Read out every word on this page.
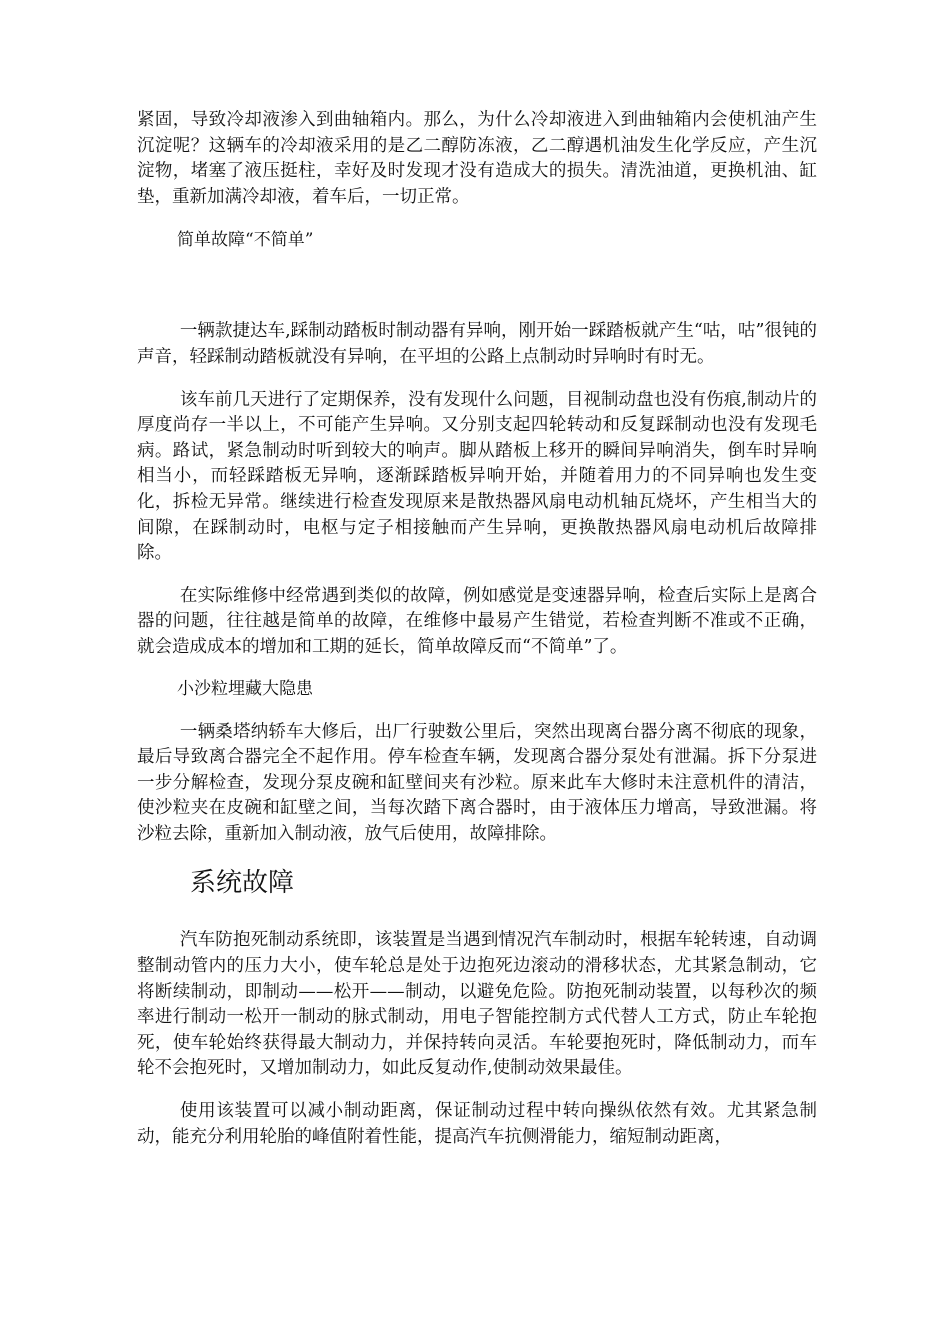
紧固，导致冷却液渗入到曲轴箱内。那么，为什么冷却液进入到曲轴箱内会使机油产生沉淀呢？这辆车的冷却液采用的是乙二醇防冻液，乙二醇遇机油发生化学反应，产生沉淀物，堵塞了液压挺柱，幸好及时发现才没有造成大的损失。清洗油道，更换机油、缸垫，重新加满冷却液，着车后，一切正常。

简单故障“不简单”

一辆款捷达车,踩制动踏板时制动器有异响，刚开始一踩踏板就产生“咕，咕”很钝的声音，轻踩制动踏板就没有异响，在平坦的公路上点制动时异响时有时无。

该车前几天进行了定期保养，没有发现什么问题，目视制动盘也没有伤痕,制动片的厚度尚存一半以上，不可能产生异响。又分别支起四轮转动和反复踩制动也没有发现毛病。路试，紧急制动时听到较大的响声。脚从踏板上移开的瞬间异响消失，倒车时异响相当小，而轻踩踏板无异响，逐渐踩踏板异响开始，并随着用力的不同异响也发生变化，拆检无异常。继续进行检查发现原来是散热器风扇电动机轴瓦烧坏，产生相当大的间隙，在踩制动时，电枢与定子相接触而产生异响，更换散热器风扇电动机后故障排除。

在实际维修中经常遇到类似的故障，例如感觉是变速器异响，检查后实际上是离合器的问题，往往越是简单的故障，在维修中最易产生错觉，若检查判断不准或不正确，就会造成成本的增加和工期的延长，简单故障反而“不简单”了。

小沙粒埋藏大隐患

一辆桑塔纳轿车大修后，出厂行驶数公里后，突然出现离台器分离不彻底的现象，最后导致离合器完全不起作用。停车检查车辆，发现离合器分泵处有泄漏。拆下分泵进一步分解检查，发现分泵皮碗和缸壁间夹有沙粒。原来此车大修时未注意机件的清洁，使沙粒夹在皮碗和缸壁之间，当每次踏下离合器时，由于液体压力增高，导致泄漏。将沙粒去除，重新加入制动液，放气后使用，故障排除。

系统故障

汽车防抱死制动系统即，该装置是当遇到情况汽车制动时，根据车轮转速，自动调整制动管内的压力大小，使车轮总是处于边抱死边滚动的滑移状态，尤其紧急制动，它将断续制动，即制动——松开——制动，以避免危险。防抱死制动装置，以每秒次的频率进行制动一松开一制动的脉式制动，用电子智能控制方式代替人工方式，防止车轮抱死，使车轮始终获得最大制动力，并保持转向灵活。车轮要抱死时，降低制动力，而车轮不会抱死时，又增加制动力，如此反复动作,使制动效果最佳。

使用该装置可以减小制动距离，保证制动过程中转向操纵依然有效。尤其紧急制动，能充分利用轮胎的峰值附着性能，提高汽车抗侧滑能力，缩短制动距离，
